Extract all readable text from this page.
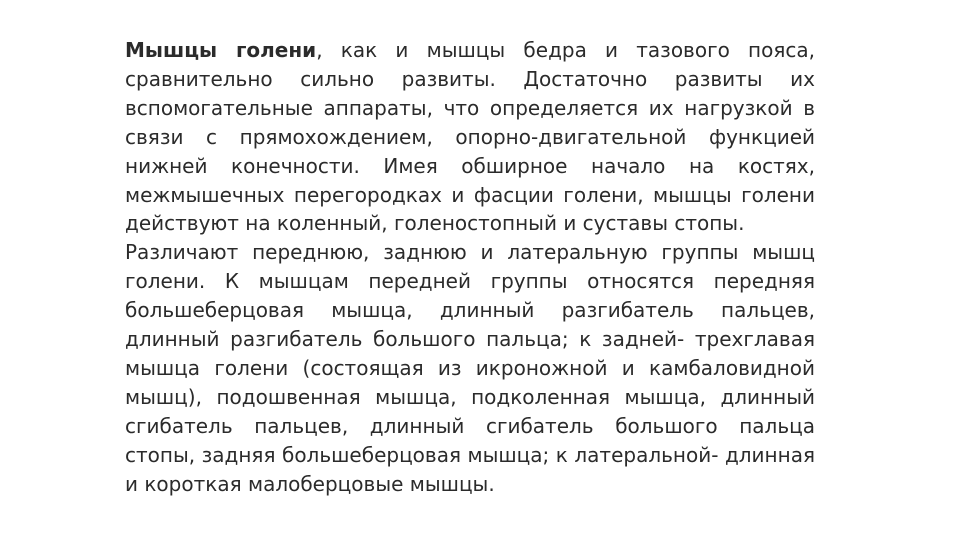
Мышцы голени, как и мышцы бедра и тазового пояса, сравнительно сильно развиты. Достаточно развиты их вспомогательные аппараты, что определяется их нагрузкой в связи с прямохождением, опорно-двигательной функцией нижней конечности. Имея обширное начало на костях, межмышечных перегородках и фасции голени, мышцы голени действуют на коленный, голеностопный и суставы стопы.

Различают переднюю, заднюю и латеральную группы мышц голени. К мышцам передней группы относятся передняя большеберцовая мышца, длинный разгибатель пальцев, длинный разгибатель большого пальца; к задней- трехглавая мышца голени (состоящая из икроножной и камбаловидной мышц), подошвенная мышца, подколенная мышца, длинный сгибатель пальцев, длинный сгибатель большого пальца стопы, задняя большеберцовая мышца; к латеральной- длинная и короткая малоберцовые мышцы.
